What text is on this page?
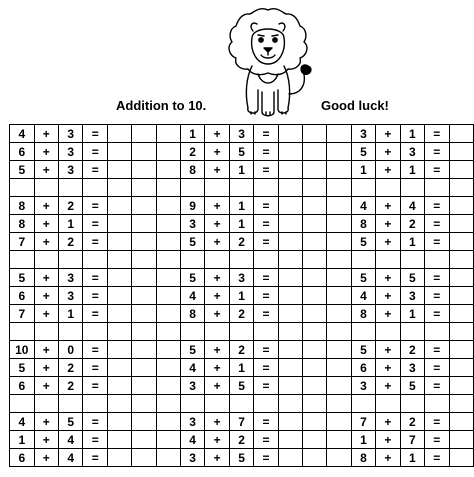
Addition to 10.	Good luck!
4	+	3	=				1	+	3	=				3	+	1	=	
6	+	3	=				2	+	5	=				5	+	3	=	
5	+	3	=				8	+	1	=				1	+	1	=	

8	+	2	=				9	+	1	=				4	+	4	=	
8	+	1	=				3	+	1	=				8	+	2	=	
7	+	2	=				5	+	2	=				5	+	1	=	

5	+	3	=				5	+	3	=				5	+	5	=	
6	+	3	=				4	+	1	=				4	+	3	=	
7	+	1	=				8	+	2	=				8	+	1	=	

10	+	0	=				5	+	2	=				5	+	2	=	
5	+	2	=				4	+	1	=				6	+	3	=	
6	+	2	=				3	+	5	=				3	+	5	=	

4	+	5	=				3	+	7	=				7	+	2	=	
1	+	4	=				4	+	2	=				1	+	7	=	
6	+	4	=				3	+	5	=				8	+	1	=	
